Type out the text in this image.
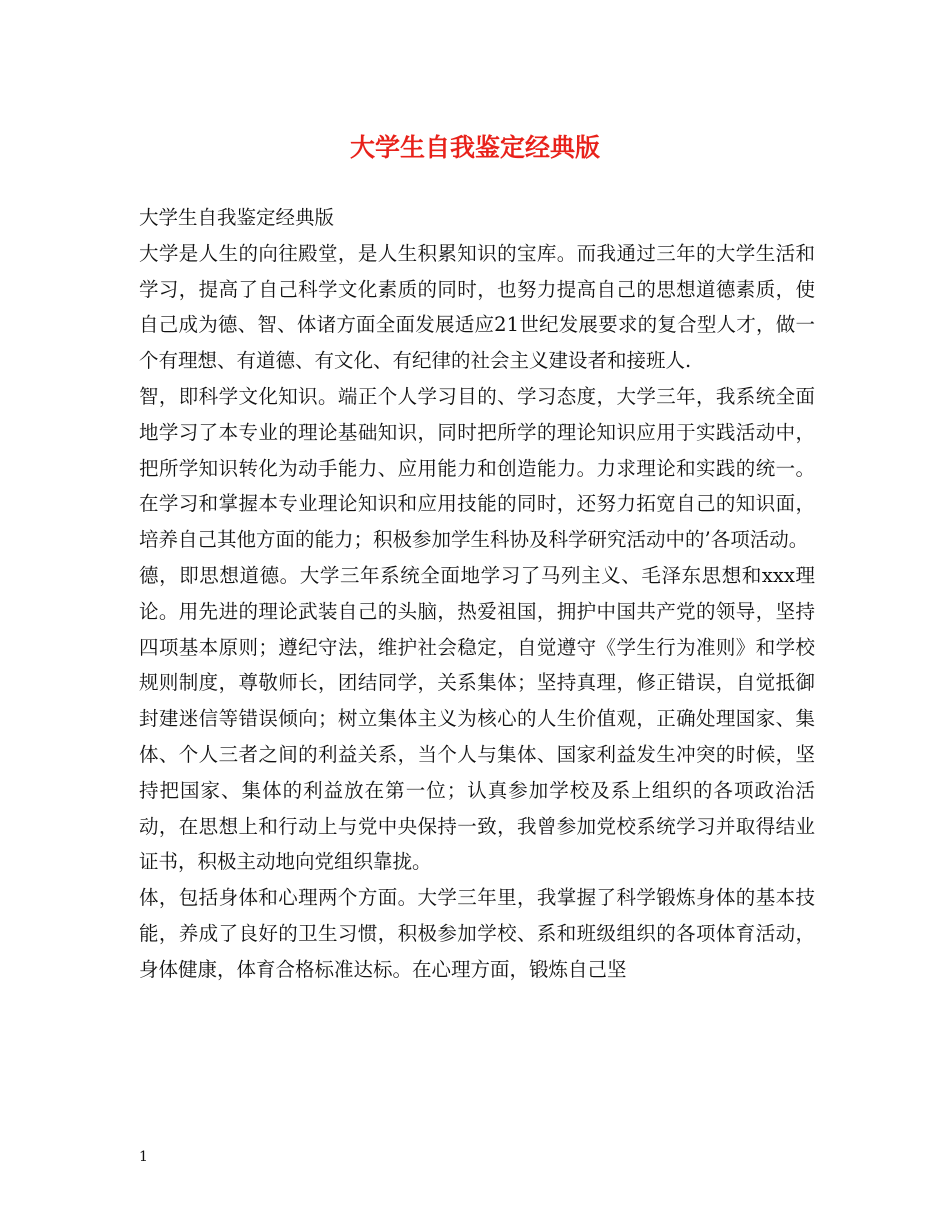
大学生自我鉴定经典版

大学生自我鉴定经典版

大学是人生的向往殿堂，是人生积累知识的宝库。而我通过三年的大学生活和学习，提高了自己科学文化素质的同时，也努力提高自己的思想道德素质，使自己成为德、智、体诸方面全面发展适应21世纪发展要求的复合型人才，做一个有理想、有道德、有文化、有纪律的社会主义建设者和接班人.

智，即科学文化知识。端正个人学习目的、学习态度，大学三年，我系统全面地学习了本专业的理论基础知识，同时把所学的理论知识应用于实践活动中，把所学知识转化为动手能力、应用能力和创造能力。力求理论和实践的统一。在学习和掌握本专业理论知识和应用技能的同时，还努力拓宽自己的知识面，培养自己其他方面的能力；积极参加学生科协及科学研究活动中的’各项活动。

德，即思想道德。大学三年系统全面地学习了马列主义、毛泽东思想和xxx理论。用先进的理论武装自己的头脑，热爱祖国，拥护中国共产党的领导，坚持四项基本原则；遵纪守法，维护社会稳定，自觉遵守《学生行为准则》和学校规则制度，尊敬师长，团结同学，关系集体；坚持真理，修正错误，自觉抵御封建迷信等错误倾向；树立集体主义为核心的人生价值观，正确处理国家、集体、个人三者之间的利益关系，当个人与集体、国家利益发生冲突的时候，坚持把国家、集体的利益放在第一位；认真参加学校及系上组织的各项政治活动，在思想上和行动上与党中央保持一致，我曾参加党校系统学习并取得结业证书，积极主动地向党组织靠拢。

体，包括身体和心理两个方面。大学三年里，我掌握了科学锻炼身体的基本技能，养成了良好的卫生习惯，积极参加学校、系和班级组织的各项体育活动，身体健康，体育合格标准达标。在心理方面，锻炼自己坚

1
